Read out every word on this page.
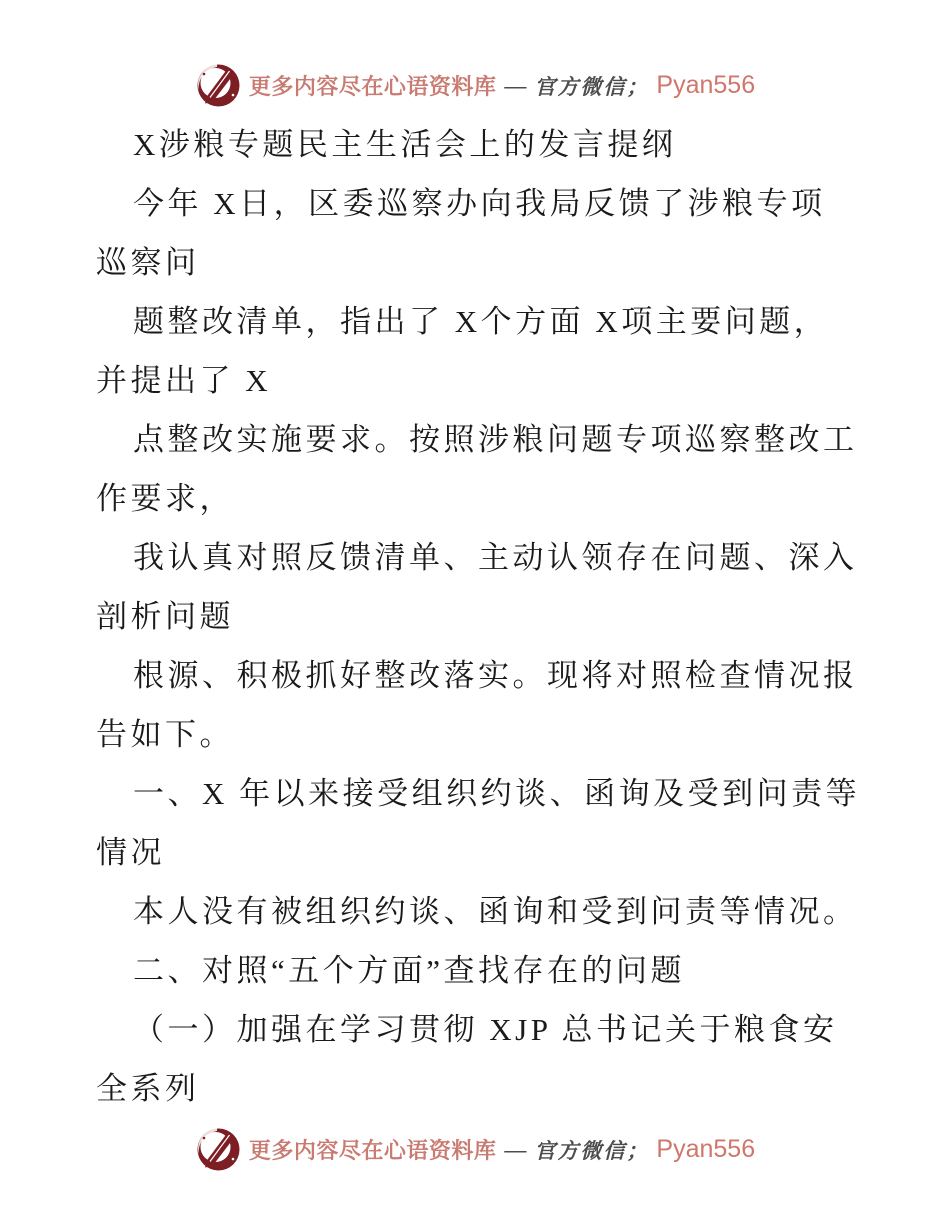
更多内容尽在心语资料库 — 官方微信； Pyan556
X涉粮专题民主生活会上的发言提纲
今年 X日，区委巡察办向我局反馈了涉粮专项
巡察问
题整改清单，指出了 X个方面 X项主要问题，
并提出了 X
点整改实施要求。按照涉粮问题专项巡察整改工
作要求，
我认真对照反馈清单、主动认领存在问题、深入
剖析问题
根源、积极抓好整改落实。现将对照检查情况报
告如下。
一、X 年以来接受组织约谈、函询及受到问责等
情况
本人没有被组织约谈、函询和受到问责等情况。
二、对照“五个方面”查找存在的问题
（一）加强在学习贯彻 XJP 总书记关于粮食安
全系列
更多内容尽在心语资料库 — 官方微信； Pyan556
